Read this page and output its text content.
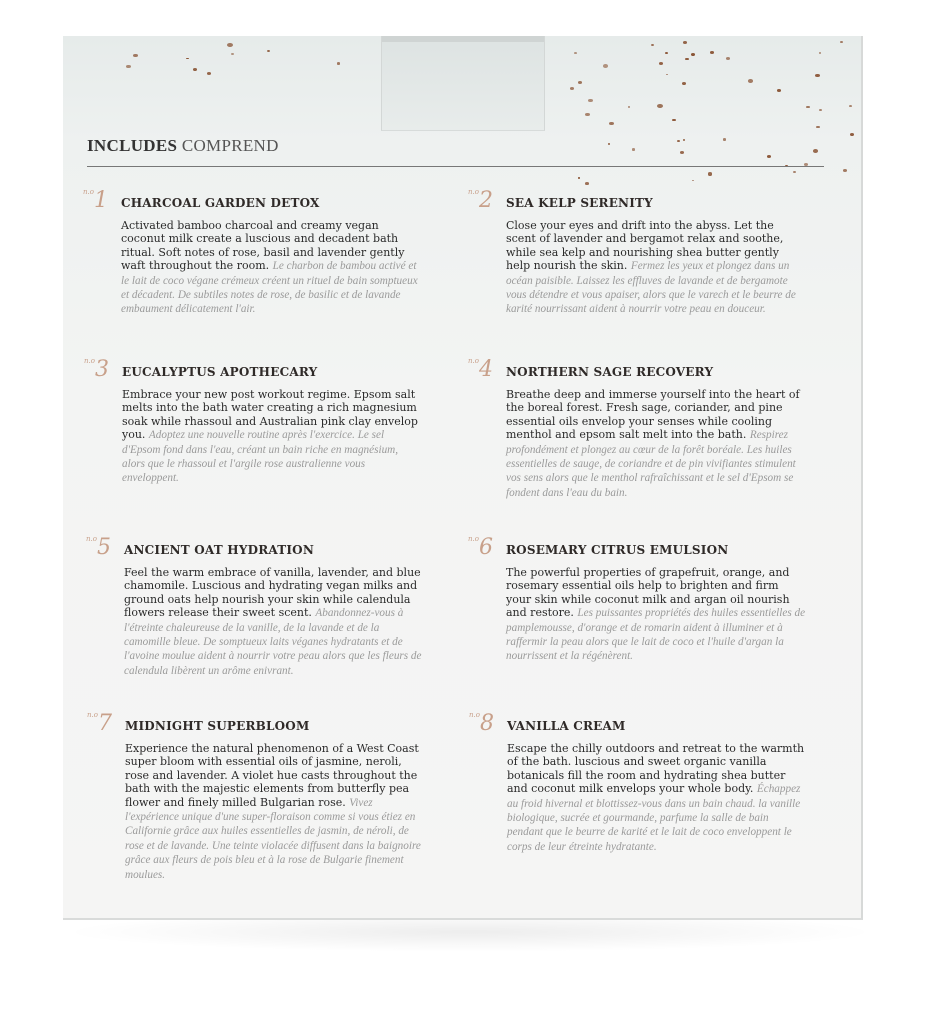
INCLUDES COMPREND
$^{n.o}$1 CHARCOAL GARDEN DETOX

Activated bamboo charcoal and creamy vegan coconut milk create a luscious and decadent bath ritual. Soft notes of rose, basil and lavender gently waft throughout the room. Le charbon de bambou activé et le lait de coco végane crémeux créent un rituel de bain somptueux et décadent. De subtiles notes de rose, de basilic et de lavande embaument délicatement l'air.

$^{n.o}$2 SEA KELP SERENITY

Close your eyes and drift into the abyss. Let the scent of lavender and bergamot relax and soothe, while sea kelp and nourishing shea butter gently help nourish the skin. Fermez les yeux et plongez dans un océan paisible. Laissez les effluves de lavande et de bergamote vous détendre et vous apaiser, alors que le varech et le beurre de karité nourrissant aident à nourrir votre peau en douceur.

$^{n.o}$3 EUCALYPTUS APOTHECARY

Embrace your new post workout regime. Epsom salt melts into the bath water creating a rich magnesium soak while rhassoul and Australian pink clay envelop you. Adoptez une nouvelle routine après l'exercice. Le sel d'Epsom fond dans l'eau, créant un bain riche en magnésium, alors que le rhassoul et l'argile rose australienne vous enveloppent.

$^{n.o}$4 NORTHERN SAGE RECOVERY

Breathe deep and immerse yourself into the heart of the boreal forest. Fresh sage, coriander, and pine essential oils envelop your senses while cooling menthol and epsom salt melt into the bath. Respirez profondément et plongez au cœur de la forêt boréale. Les huiles essentielles de sauge, de coriandre et de pin vivifiantes stimulent vos sens alors que le menthol rafraîchissant et le sel d'Epsom se fondent dans l'eau du bain.

$^{n.o}$5 ANCIENT OAT HYDRATION

Feel the warm embrace of vanilla, lavender, and blue chamomile. Luscious and hydrating vegan milks and ground oats help nourish your skin while calendula flowers release their sweet scent. Abandonnez-vous à l'étreinte chaleureuse de la vanille, de la lavande et de la camomille bleue. De somptueux laits véganes hydratants et de l'avoine moulue aident à nourrir votre peau alors que les fleurs de calendula libèrent un arôme enivrant.

$^{n.o}$6 ROSEMARY CITRUS EMULSION

The powerful properties of grapefruit, orange, and rosemary essential oils help to brighten and firm your skin while coconut milk and argan oil nourish and restore. Les puissantes propriétés des huiles essentielles de pamplemousse, d'orange et de romarin aident à illuminer et à raffermir la peau alors que le lait de coco et l'huile d'argan la nourrissent et la régénèrent.

$^{n.o}$7 MIDNIGHT SUPERBLOOM

Experience the natural phenomenon of a West Coast super bloom with essential oils of jasmine, neroli, rose and lavender. A violet hue casts throughout the bath with the majestic elements from butterfly pea flower and finely milled Bulgarian rose. Vivez l'expérience unique d'une super-floraison comme si vous étiez en Californie grâce aux huiles essentielles de jasmin, de néroli, de rose et de lavande. Une teinte violacée diffusent dans la baignoire grâce aux fleurs de pois bleu et à la rose de Bulgarie finement moulues.

$^{n.o}$8 VANILLA CREAM

Escape the chilly outdoors and retreat to the warmth of the bath. luscious and sweet organic vanilla botanicals fill the room and hydrating shea butter and coconut milk envelops your whole body. Échappez au froid hivernal et blottissez-vous dans un bain chaud. la vanille biologique, sucrée et gourmande, parfume la salle de bain pendant que le beurre de karité et le lait de coco enveloppent le corps de leur étreinte hydratante.
